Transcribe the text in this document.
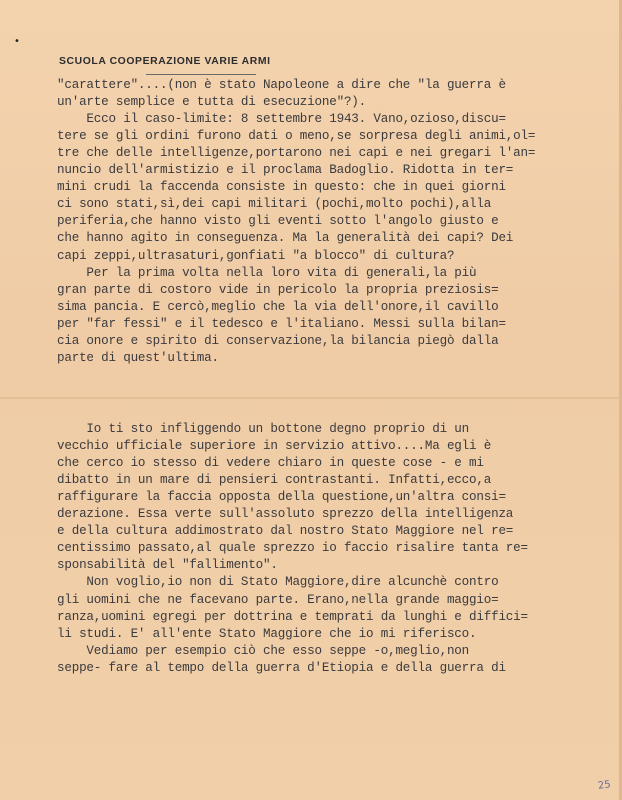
•
SCUOLA COOPERAZIONE VARIE ARMI
"carattere"....(non è stato Napoleone a dire che "la guerra è
un'arte semplice e tutta di esecuzione"?).
Ecco il caso-limite: 8 settembre 1943. Vano,ozioso,discu=
tere se gli ordini furono dati o meno,se sorpresa degli animi,ol=
tre che delle intelligenze,portarono nei capi e nei gregari l'an=
nuncio dell'armistizio e il proclama Badoglio. Ridotta in ter=
mini crudi la faccenda consiste in questo: che in quei giorni
ci sono stati,sì,dei capi militari (pochi,molto pochi),alla
periferia,che hanno visto gli eventi sotto l'angolo giusto e
che hanno agito in conseguenza. Ma la generalità dei capi? Dei
capi zeppi,ultrasaturi,gonfiati "a blocco" di cultura?
Per la prima volta nella loro vita di generali,la più
gran parte di costoro vide in pericolo la propria preziosis=
sima pancia. E cercò,meglio che la via dell'onore,il cavillo
per "far fessi" e il tedesco e l'italiano. Messi sulla bilan=
cia onore e spirito di conservazione,la bilancia piegò dalla
parte di quest'ultima.
Io ti sto infliggendo un bottone degno proprio di un
vecchio ufficiale superiore in servizio attivo....Ma egli è
che cerco io stesso di vedere chiaro in queste cose - e mi
dibatto in un mare di pensieri contrastanti. Infatti,ecco,a
raffigurare la faccia opposta della questione,un'altra consi=
derazione. Essa verte sull'assoluto sprezzo della intelligenza
e della cultura addimostrato dal nostro Stato Maggiore nel re=
centissimo passato,al quale sprezzo io faccio risalire tanta re=
sponsabilità del "fallimento".
Non voglio,io non di Stato Maggiore,dire alcunchè contro
gli uomini che ne facevano parte. Erano,nella grande maggio=
ranza,uomini egregi per dottrina e temprati da lunghi e diffici=
li studi. E' all'ente Stato Maggiore che io mi riferisco.
Vediamo per esempio ciò che esso seppe -o,meglio,non
seppe- fare al tempo della guerra d'Etiopia e della guerra di
25
